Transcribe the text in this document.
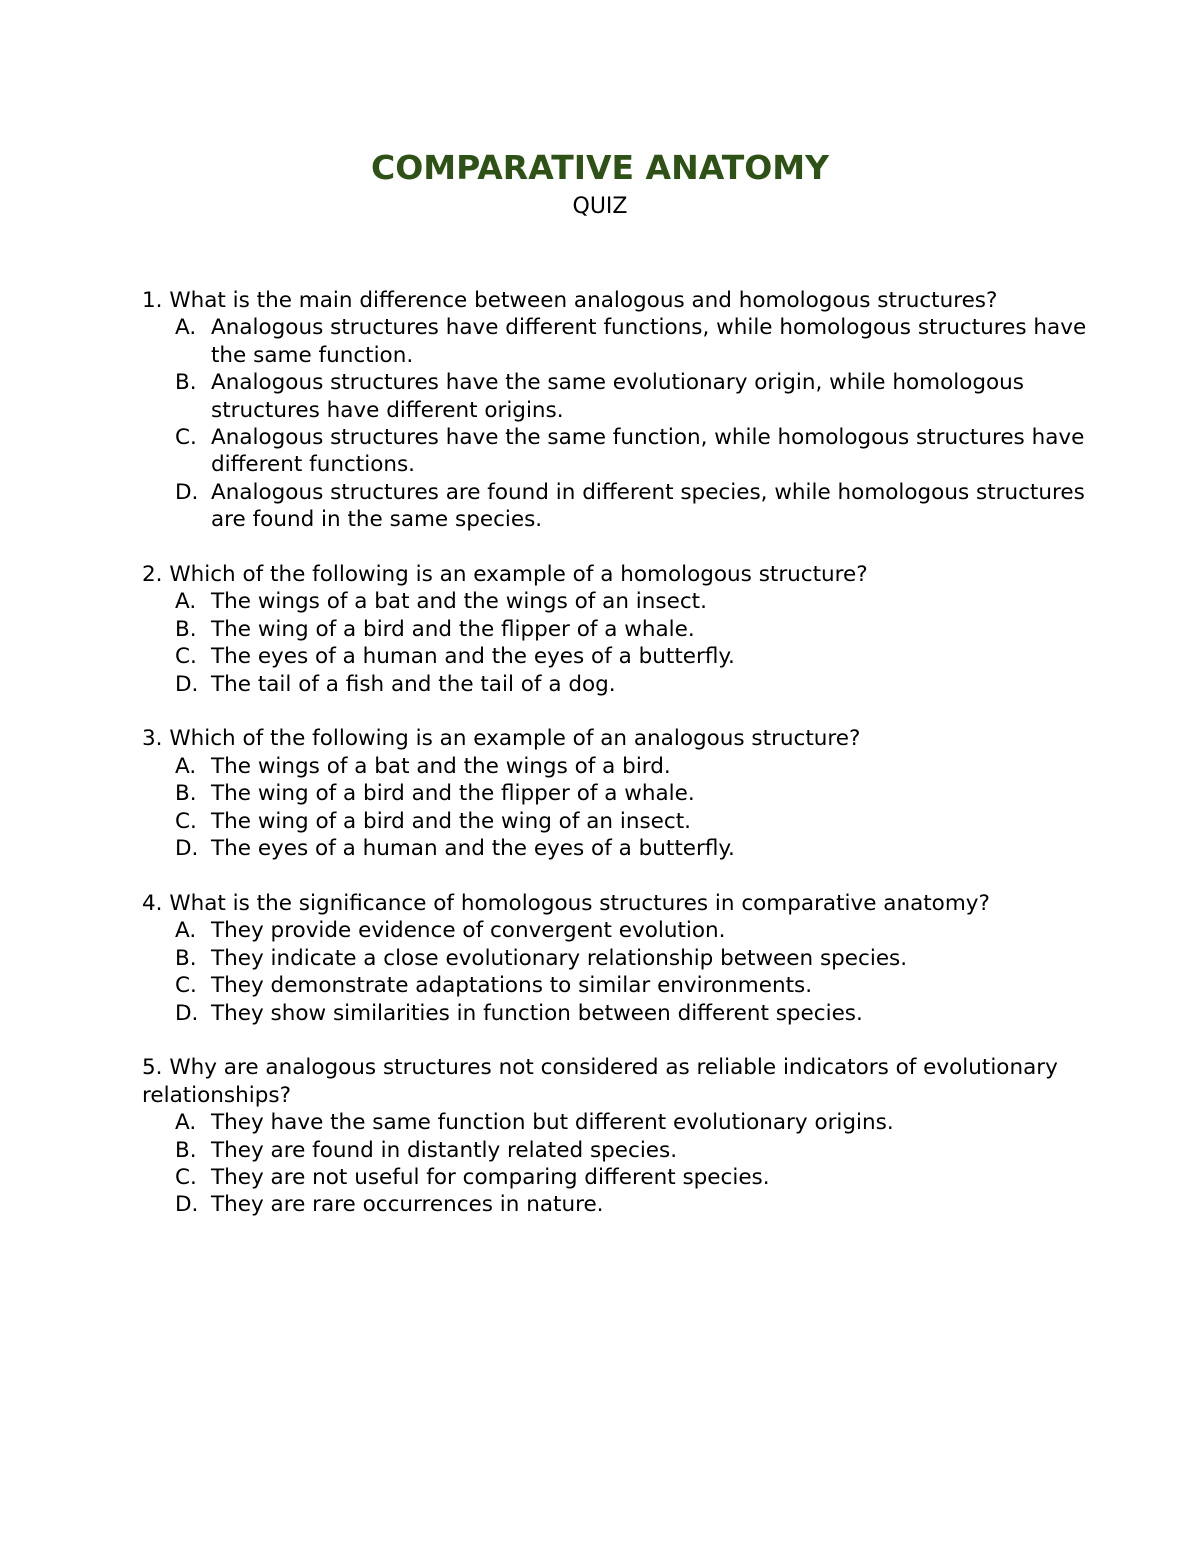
COMPARATIVE ANATOMY
QUIZ

1. What is the main difference between analogous and homologous structures?

A. Analogous structures have different functions, while homologous structures have the same function.
B. Analogous structures have the same evolutionary origin, while homologous structures have different origins.
C. Analogous structures have the same function, while homologous structures have different functions.
D. Analogous structures are found in different species, while homologous structures are found in the same species.

2. Which of the following is an example of a homologous structure?

A. The wings of a bat and the wings of an insect.
B. The wing of a bird and the flipper of a whale.
C. The eyes of a human and the eyes of a butterfly.
D. The tail of a fish and the tail of a dog.

3. Which of the following is an example of an analogous structure?

A. The wings of a bat and the wings of a bird.
B. The wing of a bird and the flipper of a whale.
C. The wing of a bird and the wing of an insect.
D. The eyes of a human and the eyes of a butterfly.

4. What is the significance of homologous structures in comparative anatomy?

A. They provide evidence of convergent evolution.
B. They indicate a close evolutionary relationship between species.
C. They demonstrate adaptations to similar environments.
D. They show similarities in function between different species.

5. Why are analogous structures not considered as reliable indicators of evolutionary relationships?

A. They have the same function but different evolutionary origins.
B. They are found in distantly related species.
C. They are not useful for comparing different species.
D. They are rare occurrences in nature.
